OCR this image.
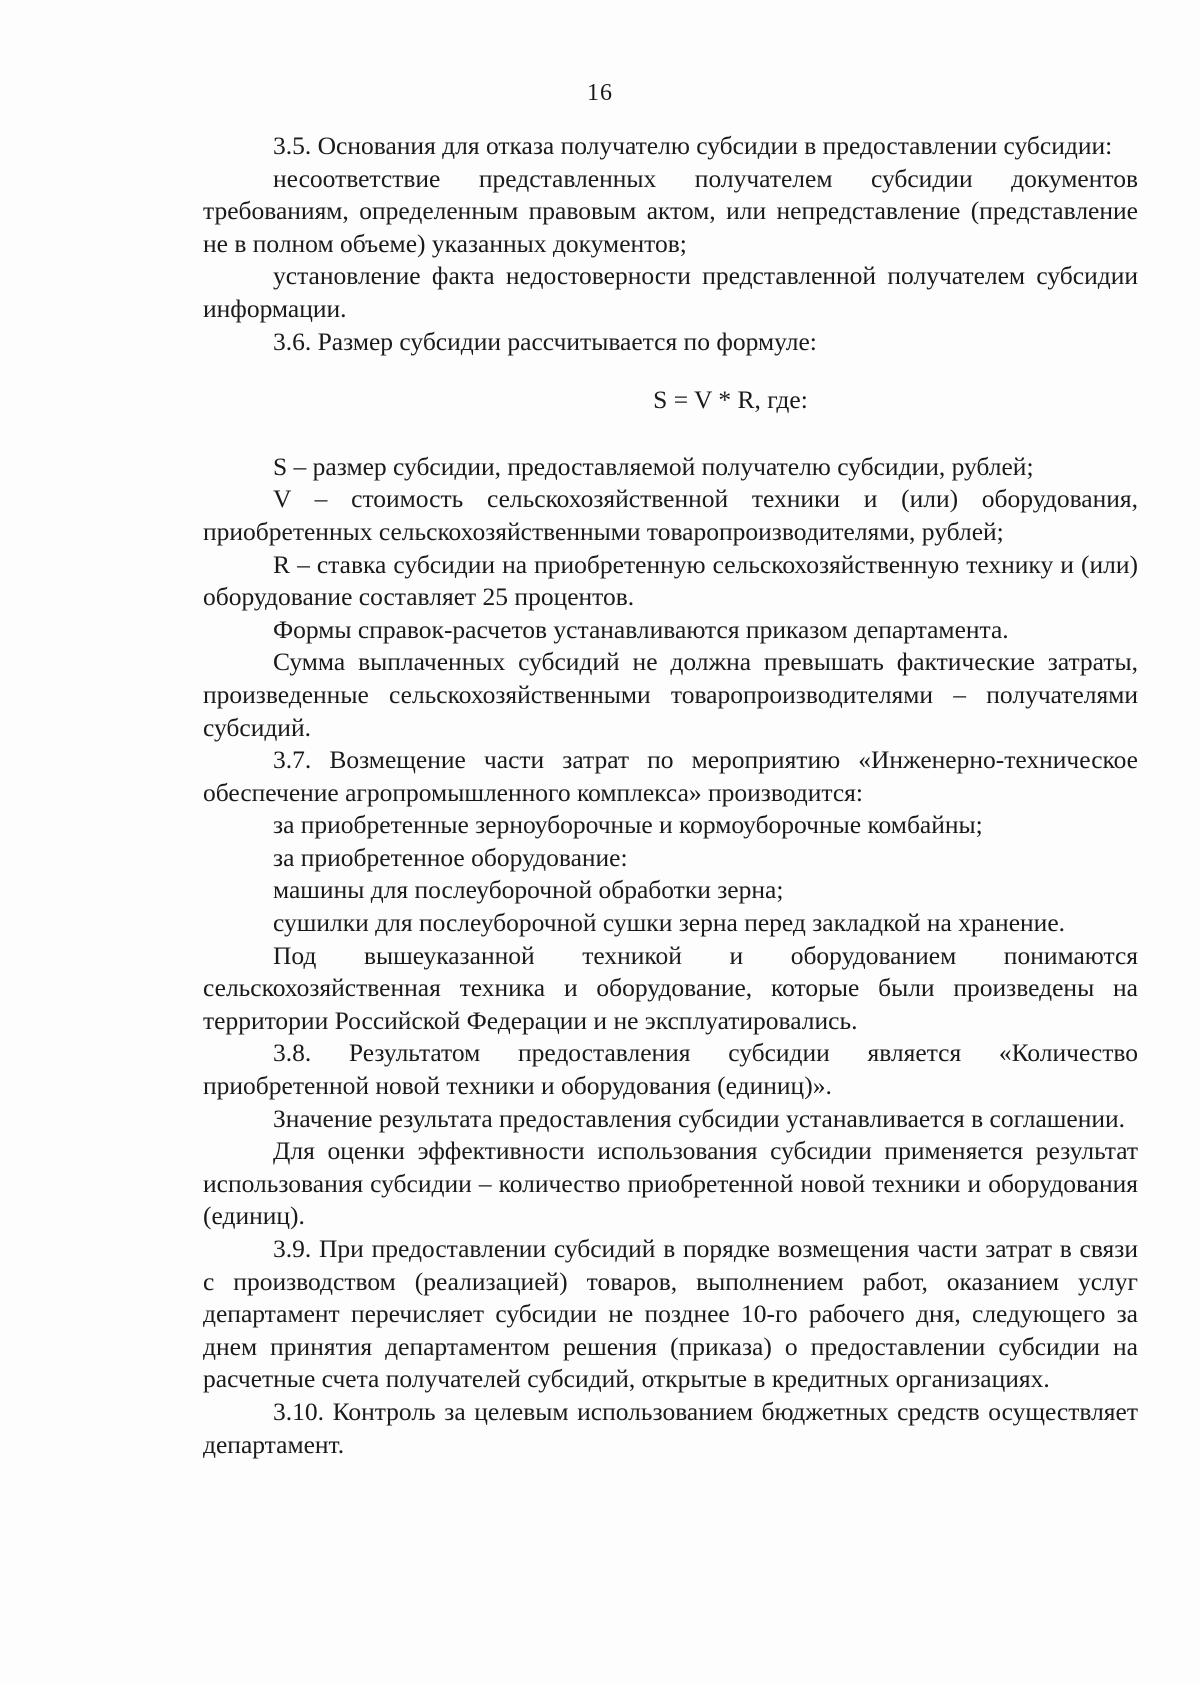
16

3.5. Основания для отказа получателю субсидии в предоставлении субсидии:

несоответствие представленных получателем субсидии документов требованиям, определенным правовым актом, или непредставление (представление не в полном объеме) указанных документов;

установление факта недостоверности представленной получателем субсидии информации.

3.6. Размер субсидии рассчитывается по формуле:

S = V * R, где:

S – размер субсидии, предоставляемой получателю субсидии, рублей;

V – стоимость сельскохозяйственной техники и (или) оборудования, приобретенных сельскохозяйственными товаропроизводителями, рублей;

R – ставка субсидии на приобретенную сельскохозяйственную технику и (или) оборудование составляет 25 процентов.

Формы справок-расчетов устанавливаются приказом департамента.

Сумма выплаченных субсидий не должна превышать фактические затраты, произведенные сельскохозяйственными товаропроизводителями – получателями субсидий.

3.7. Возмещение части затрат по мероприятию «Инженерно-техническое обеспечение агропромышленного комплекса» производится:

за приобретенные зерноуборочные и кормоуборочные комбайны;

за приобретенное оборудование:

машины для послеуборочной обработки зерна;

сушилки для послеуборочной сушки зерна перед закладкой на хранение.

Под вышеуказанной техникой и оборудованием понимаются сельскохозяйственная техника и оборудование, которые были произведены на территории Российской Федерации и не эксплуатировались.

3.8. Результатом предоставления субсидии является «Количество приобретенной новой техники и оборудования (единиц)».

Значение результата предоставления субсидии устанавливается в соглашении.

Для оценки эффективности использования субсидии применяется результат использования субсидии – количество приобретенной новой техники и оборудования (единиц).

3.9. При предоставлении субсидий в порядке возмещения части затрат в связи с производством (реализацией) товаров, выполнением работ, оказанием услуг департамент перечисляет субсидии не позднее 10-го рабочего дня, следующего за днем принятия департаментом решения (приказа) о предоставлении субсидии на расчетные счета получателей субсидий, открытые в кредитных организациях.

3.10. Контроль за целевым использованием бюджетных средств осуществляет департамент.
